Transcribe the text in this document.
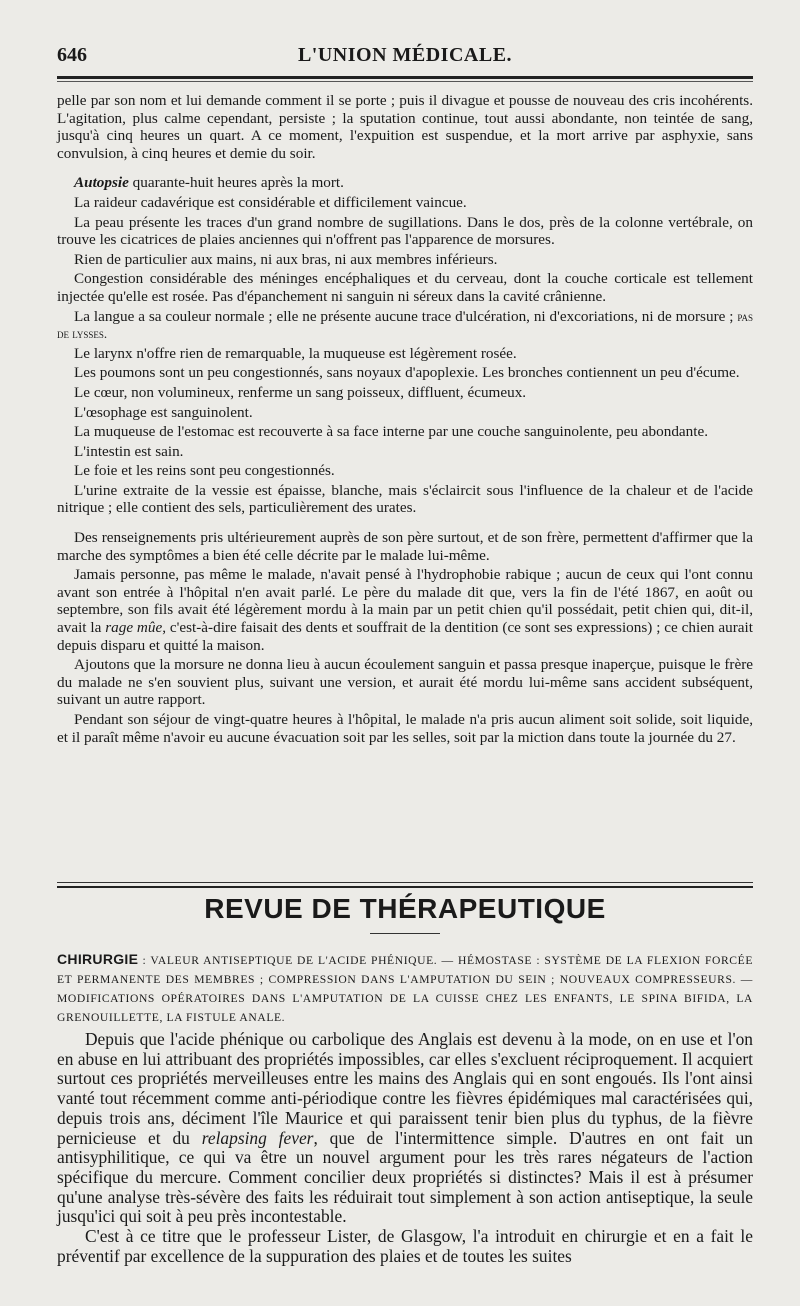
646	L'UNION MÉDICALE.

pelle par son nom et lui demande comment il se porte ; puis il divague et pousse de nouveau des cris incohérents. L'agitation, plus calme cependant, persiste ; la sputation continue, tout aussi abondante, non teintée de sang, jusqu'à cinq heures un quart. A ce moment, l'expuition est suspendue, et la mort arrive par asphyxie, sans convulsion, à cinq heures et demie du soir.

Autopsie quarante-huit heures après la mort.

La raideur cadavérique est considérable et difficilement vaincue.

La peau présente les traces d'un grand nombre de sugillations. Dans le dos, près de la colonne vertébrale, on trouve les cicatrices de plaies anciennes qui n'offrent pas l'apparence de morsures.

Rien de particulier aux mains, ni aux bras, ni aux membres inférieurs.

Congestion considérable des méninges encéphaliques et du cerveau, dont la couche corticale est tellement injectée qu'elle est rosée. Pas d'épanchement ni sanguin ni séreux dans la cavité crânienne.

La langue a sa couleur normale ; elle ne présente aucune trace d'ulcération, ni d'excoriations, ni de morsure ; pas de lysses.

Le larynx n'offre rien de remarquable, la muqueuse est légèrement rosée.

Les poumons sont un peu congestionnés, sans noyaux d'apoplexie. Les bronches contiennent un peu d'écume.

Le cœur, non volumineux, renferme un sang poisseux, diffluent, écumeux.

L'œsophage est sanguinolent.

La muqueuse de l'estomac est recouverte à sa face interne par une couche sanguinolente, peu abondante.

L'intestin est sain.

Le foie et les reins sont peu congestionnés.

L'urine extraite de la vessie est épaisse, blanche, mais s'éclaircit sous l'influence de la chaleur et de l'acide nitrique ; elle contient des sels, particulièrement des urates.

Des renseignements pris ultérieurement auprès de son père surtout, et de son frère, permettent d'affirmer que la marche des symptômes a bien été celle décrite par le malade lui-même.

Jamais personne, pas même le malade, n'avait pensé à l'hydrophobie rabique ; aucun de ceux qui l'ont connu avant son entrée à l'hôpital n'en avait parlé. Le père du malade dit que, vers la fin de l'été 1867, en août ou septembre, son fils avait été légèrement mordu à la main par un petit chien qu'il possédait, petit chien qui, dit-il, avait la rage mûe, c'est-à-dire faisait des dents et souffrait de la dentition (ce sont ses expressions) ; ce chien aurait depuis disparu et quitté la maison.

Ajoutons que la morsure ne donna lieu à aucun écoulement sanguin et passa presque inaperçue, puisque le frère du malade ne s'en souvient plus, suivant une version, et aurait été mordu lui-même sans accident subséquent, suivant un autre rapport.

Pendant son séjour de vingt-quatre heures à l'hôpital, le malade n'a pris aucun aliment soit solide, soit liquide, et il paraît même n'avoir eu aucune évacuation soit par les selles, soit par la miction dans toute la journée du 27.

REVUE DE THÉRAPEUTIQUE
CHIRURGIE : VALEUR ANTISEPTIQUE DE L'ACIDE PHÉNIQUE. — HÉMOSTASE : SYSTÈME DE LA FLEXION FORCÉE ET PERMANENTE DES MEMBRES ; COMPRESSION DANS L'AMPUTATION DU SEIN ; NOUVEAUX COMPRESSEURS. — MODIFICATIONS OPÉRATOIRES DANS L'AMPUTATION DE LA CUISSE CHEZ LES ENFANTS, LE SPINA BIFIDA, LA GRENOUILLETTE, LA FISTULE ANALE.

Depuis que l'acide phénique ou carbolique des Anglais est devenu à la mode, on en use et l'on en abuse en lui attribuant des propriétés impossibles, car elles s'excluent réciproquement. Il acquiert surtout ces propriétés merveilleuses entre les mains des Anglais qui en sont engoués. Ils l'ont ainsi vanté tout récemment comme anti-périodique contre les fièvres épidémiques mal caractérisées qui, depuis trois ans, déciment l'île Maurice et qui paraissent tenir bien plus du typhus, de la fièvre pernicieuse et du relapsing fever, que de l'intermittence simple. D'autres en ont fait un antisyphilitique, ce qui va être un nouvel argument pour les très rares négateurs de l'action spécifique du mercure. Comment concilier deux propriétés si distinctes? Mais il est à présumer qu'une analyse très-sévère des faits les réduirait tout simplement à son action antiseptique, la seule jusqu'ici qui soit à peu près incontestable.

C'est à ce titre que le professeur Lister, de Glasgow, l'a introduit en chirurgie et en a fait le préventif par excellence de la suppuration des plaies et de toutes les suites
